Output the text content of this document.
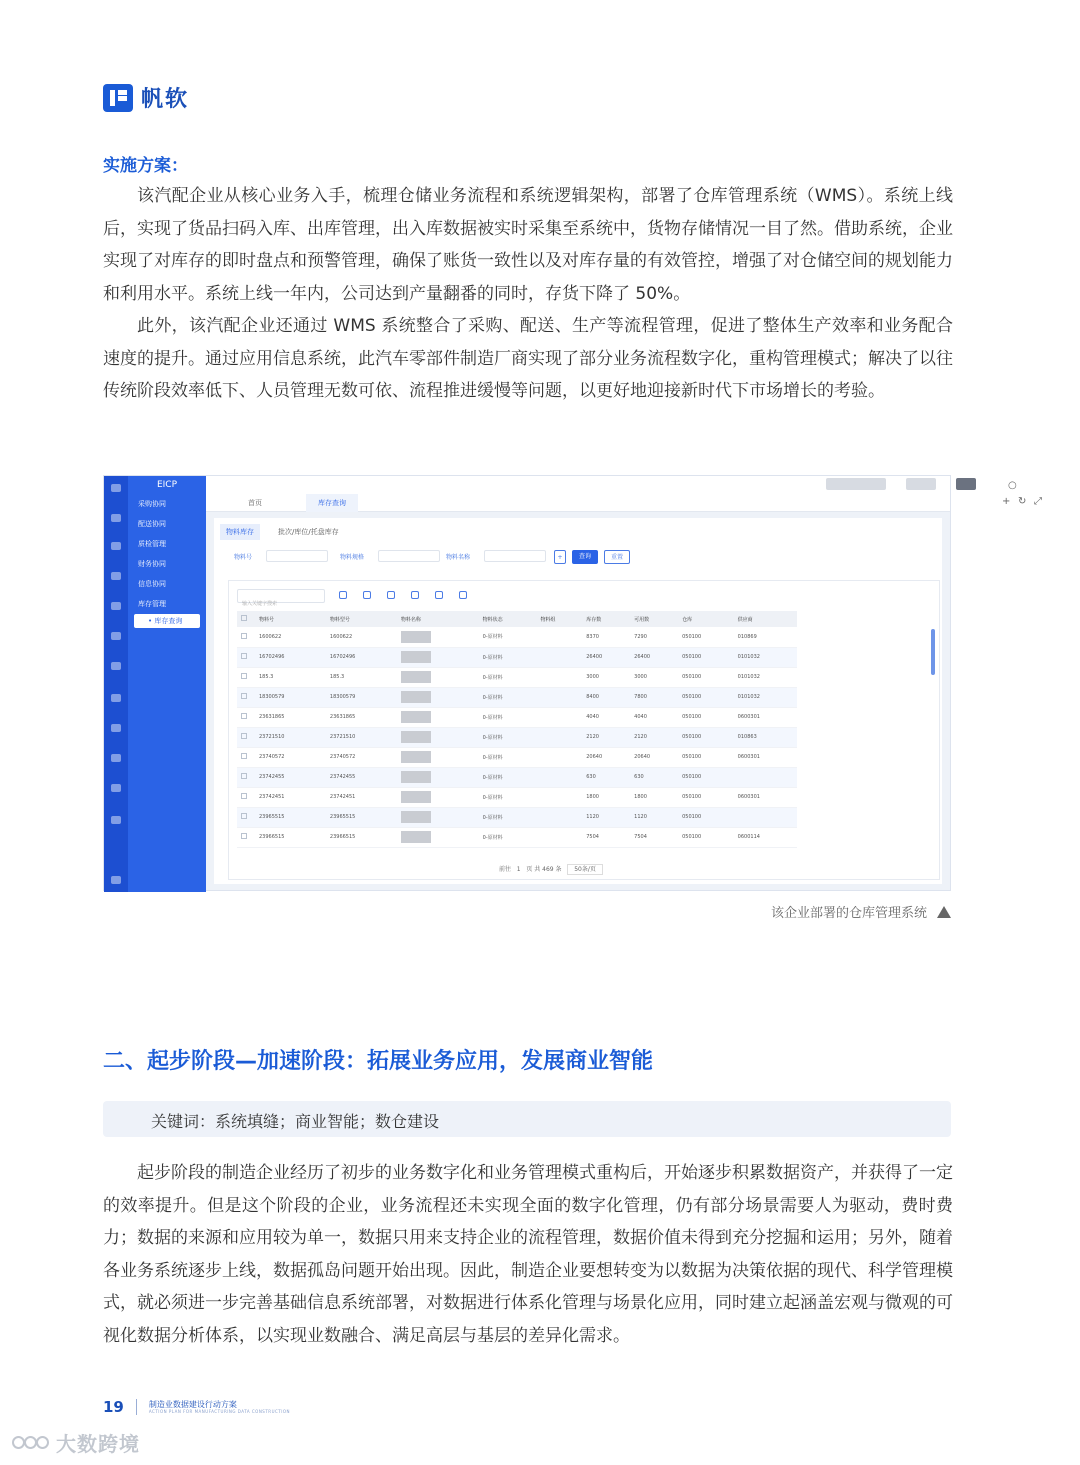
帆软
实施方案：

该汽配企业从核心业务入手，梳理仓储业务流程和系统逻辑架构，部署了仓库管理系统（WMS）。系统上线后，实现了货品扫码入库、出库管理，出入库数据被实时采集至系统中，货物存储情况一目了然。借助系统，企业实现了对库存的即时盘点和预警管理，确保了账货一致性以及对库存量的有效管控，增强了对仓储空间的规划能力和利用水平。系统上线一年内，公司达到产量翻番的同时，存货下降了 50%。

此外，该汽配企业还通过 WMS 系统整合了采购、配送、生产等流程管理，促进了整体生产效率和业务配合速度的提升。通过应用信息系统，此汽车零部件制造厂商实现了部分业务流程数字化，重构管理模式；解决了以往传统阶段效率低下、人员管理无数可依、流程推进缓慢等问题，以更好地迎接新时代下市场增长的考验。

EICP
采购协同
配送协同
质检管理
财务协同
信息协同
库存管理
• 库存查询
○
首页	库存查询	+ ↻ ⤢
物料库存	批次/库位/托盘库存
物料号	物料规格	物料名称	+	查询	重置
输入关键字搜索
	物料号	物料型号	物料名称	物料状态	物料组	库存数	可用数	仓库	供应商
	1600622	1600622		0-原材料		8370	7290	050100	010869
	16702496	16702496		0-原材料		26400	26400	050100	0101032
	185.3	185.3		0-原材料		3000	3000	050100	0101032
	18300579	18300579		0-原材料		8400	7800	050100	0101032
	23631865	23631865		0-原材料		4040	4040	050100	0600301
	23721510	23721510		0-原材料		2120	2120	050100	010863
	23740572	23740572		0-原材料		20640	20640	050100	0600301
	23742455	23742455		0-原材料		630	630	050100	
	23742451	23742451		0-原材料		1800	1800	050100	0600301
	23965515	23965515		0-原材料		1120	1120	050100	
	23966515	23966515		0-原材料		7504	7504	050100	0600114
前往 1 页 共 469 条 50条/页
该企业部署的仓库管理系统
二、起步阶段—加速阶段：拓展业务应用，发展商业智能
关键词：系统填缝；商业智能；数仓建设

起步阶段的制造企业经历了初步的业务数字化和业务管理模式重构后，开始逐步积累数据资产，并获得了一定的效率提升。但是这个阶段的企业，业务流程还未实现全面的数字化管理，仍有部分场景需要人为驱动，费时费力；数据的来源和应用较为单一，数据只用来支持企业的流程管理，数据价值未得到充分挖掘和运用；另外，随着各业务系统逐步上线，数据孤岛问题开始出现。因此，制造企业要想转变为以数据为决策依据的现代、科学管理模式，就必须进一步完善基础信息系统部署，对数据进行体系化管理与场景化应用，同时建立起涵盖宏观与微观的可视化数据分析体系，以实现业数融合、满足高层与基层的差异化需求。

19	制造业数据建设行动方案
ACTION PLAN FOR MANUFACTURING DATA CONSTRUCTION
大数跨境
